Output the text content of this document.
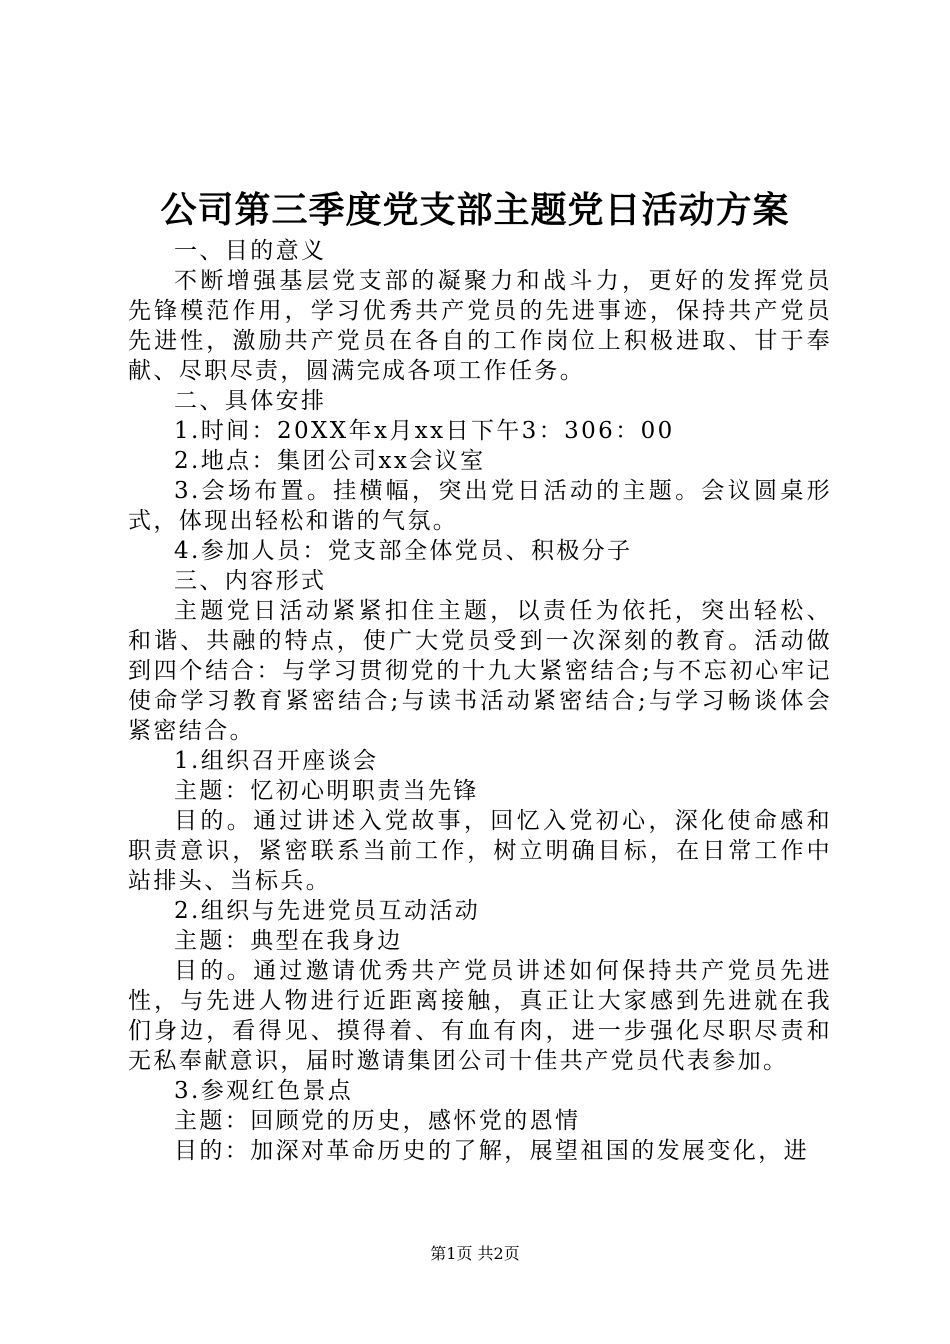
公司第三季度党支部主题党日活动方案

一、目的意义

不断增强基层党支部的凝聚力和战斗力，更好的发挥党员先锋模范作用，学习优秀共产党员的先进事迹，保持共产党员先进性，激励共产党员在各自的工作岗位上积极进取、甘于奉献、尽职尽责，圆满完成各项工作任务。

二、具体安排

1.时间：20XX年x月xx日下午3：306：00

2.地点：集团公司xx会议室

3.会场布置。挂横幅，突出党日活动的主题。会议圆桌形式，体现出轻松和谐的气氛。

4.参加人员：党支部全体党员、积极分子

三、内容形式

主题党日活动紧紧扣住主题，以责任为依托，突出轻松、和谐、共融的特点，使广大党员受到一次深刻的教育。活动做到四个结合：与学习贯彻党的十九大紧密结合;与不忘初心牢记使命学习教育紧密结合;与读书活动紧密结合;与学习畅谈体会紧密结合。

1.组织召开座谈会

主题：忆初心明职责当先锋

目的。通过讲述入党故事，回忆入党初心，深化使命感和职责意识，紧密联系当前工作，树立明确目标，在日常工作中站排头、当标兵。

2.组织与先进党员互动活动

主题：典型在我身边

目的。通过邀请优秀共产党员讲述如何保持共产党员先进性，与先进人物进行近距离接触，真正让大家感到先进就在我们身边，看得见、摸得着、有血有肉，进一步强化尽职尽责和无私奉献意识，届时邀请集团公司十佳共产党员代表参加。

3.参观红色景点

主题：回顾党的历史，感怀党的恩情

目的：加深对革命历史的了解，展望祖国的发展变化，进

第1页 共2页
